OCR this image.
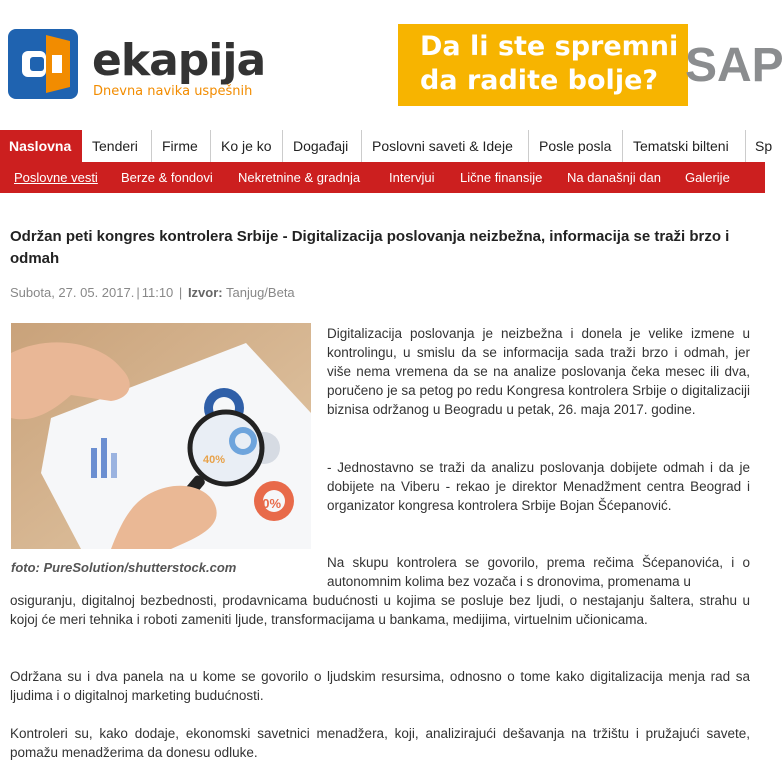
ekapija
Dnevna navika uspešnih
Da li ste spremni
da radite bolje? SAP
Naslovna	Tenderi	Firme	Ko je ko	Događaji	Poslovni saveti & Ideje	Posle posla	Tematski bilteni	Sp
Poslovne vesti Berze & fondovi Nekretnine & gradnja Intervjui Lične finansije Na današnji dan Galerije
Održan peti kongres kontrolera Srbije - Digitalizacija poslovanja neizbežna, informacija se traži brzo i odmah
Subota, 27. 05. 2017. | 11:10 | Izvor: Tanjug/Beta
60%
40%
foto: PureSolution/shutterstock.com
Digitalizacija poslovanja je neizbežna i donela je velike izmene u kontrolingu, u smislu da se informacija sada traži brzo i odmah, jer više nema vremena da se na analize poslovanja čeka mesec ili dva, poručeno je sa petog po redu Kongresa kontrolera Srbije o digitalizaciji biznisa održanog u Beogradu u petak, 26. maja 2017. godine.
- Jednostavno se traži da analizu poslovanja dobijete odmah i da je dobijete na Viberu - rekao je direktor Menadžment centra Beograd i organizator kongresa kontrolera Srbije Bojan Šćepanović.
Na skupu kontrolera se govorilo, prema rečima Šćepanovića, i o autonomnim kolima bez vozača i s dronovima, promenama u
osiguranju, digitalnoj bezbednosti, prodavnicama budućnosti u kojima se posluje bez ljudi, o nestajanju šaltera, strahu u kojoj će meri tehnika i roboti zameniti ljude, transformacijama u bankama, medijima, virtuelnim učionicama.
Održana su i dva panela na u kome se govorilo o ljudskim resursima, odnosno o tome kako digitalizacija menja rad sa ljudima i o digitalnoj marketing budućnosti.
Kontroleri su, kako dodaje, ekonomski savetnici menadžera, koji, analizirajući dešavanja na tržištu i pružajući savete, pomažu menadžerima da donesu odluke.
